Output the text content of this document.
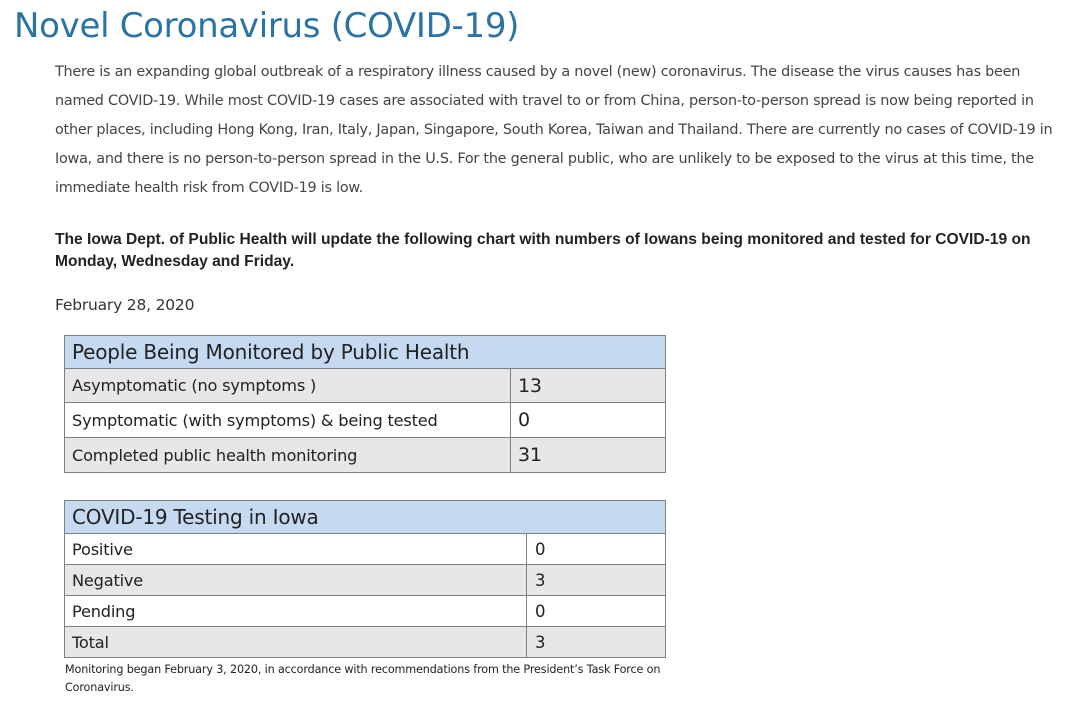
Novel Coronavirus (COVID-19)

There is an expanding global outbreak of a respiratory illness caused by a novel (new) coronavirus. The disease the virus causes has been named COVID-19. While most COVID-19 cases are associated with travel to or from China, person-to-person spread is now being reported in other places, including Hong Kong, Iran, Italy, Japan, Singapore, South Korea, Taiwan and Thailand. There are currently no cases of COVID-19 in Iowa, and there is no person-to-person spread in the U.S. For the general public, who are unlikely to be exposed to the virus at this time, the immediate health risk from COVID-19 is low.

The Iowa Dept. of Public Health will update the following chart with numbers of Iowans being monitored and tested for COVID-19 on Monday, Wednesday and Friday.

February 28, 2020

People Being Monitored by Public Health	
Asymptomatic (no symptoms )	13
Symptomatic (with symptoms) & being tested	0
Completed public health monitoring	31
COVID-19 Testing in Iowa	
Positive	0
Negative	3
Pending	0
Total	3

Monitoring began February 3, 2020, in accordance with recommendations from the President’s Task Force on Coronavirus.
